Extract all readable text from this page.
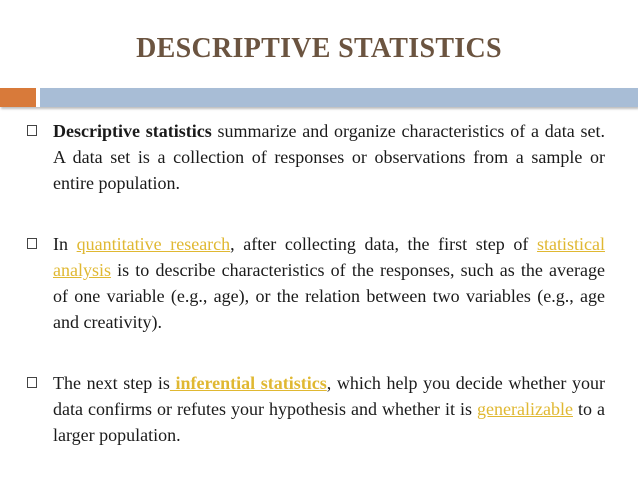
DESCRIPTIVE STATISTICS
Descriptive statistics summarize and organize characteristics of a data set. A data set is a collection of responses or observations from a sample or entire population.
In quantitative research, after collecting data, the first step of statistical analysis is to describe characteristics of the responses, such as the average of one variable (e.g., age), or the relation between two variables (e.g., age and creativity).
The next step is inferential statistics, which help you decide whether your data confirms or refutes your hypothesis and whether it is generalizable to a larger population.
